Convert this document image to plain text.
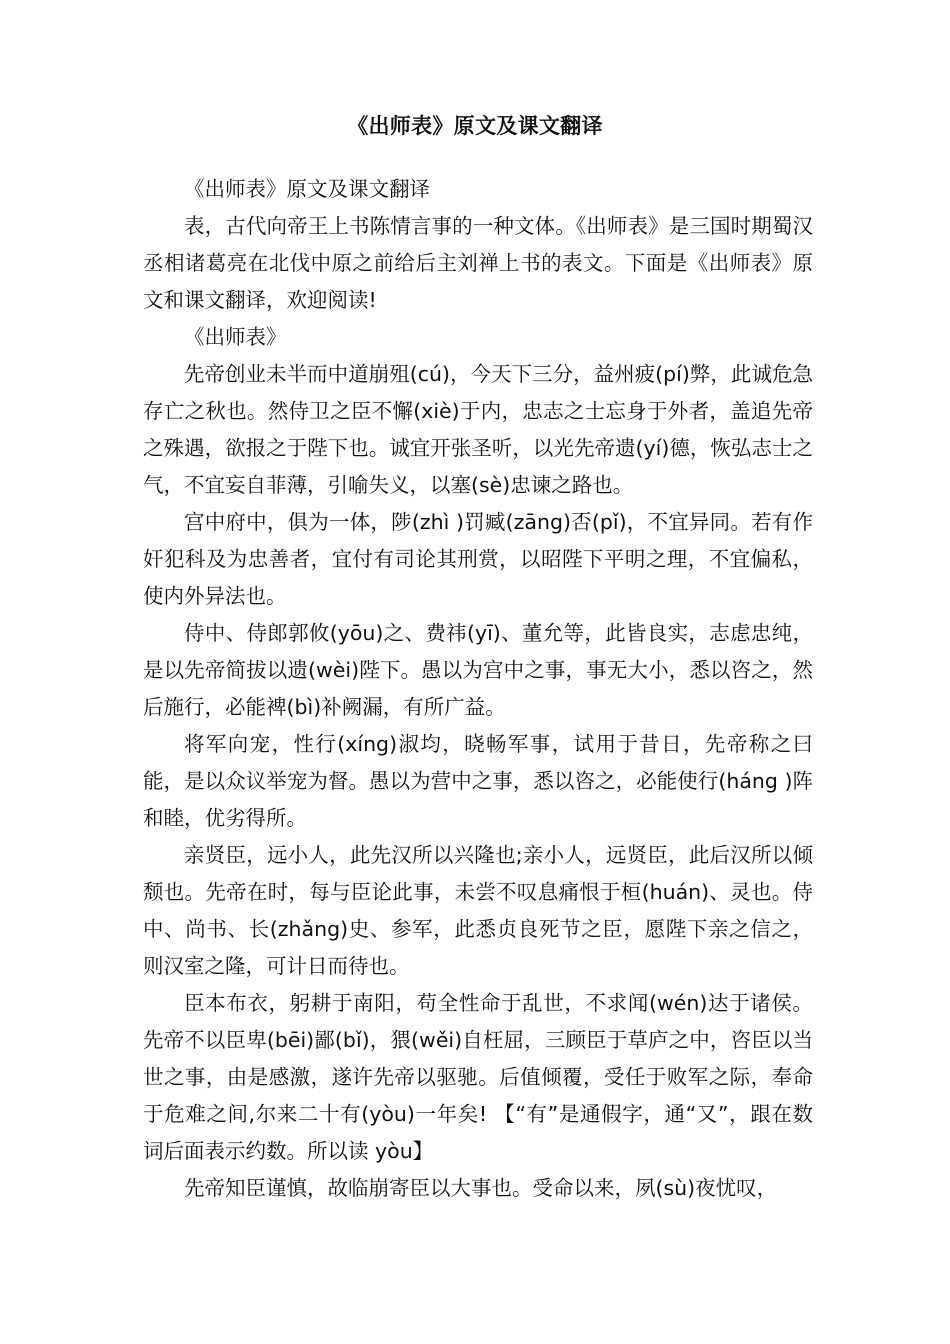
《出师表》原文及课文翻译

《出师表》原文及课文翻译

表，古代向帝王上书陈情言事的一种文体。《出师表》是三国时期蜀汉丞相诸葛亮在北伐中原之前给后主刘禅上书的表文。下面是《出师表》原文和课文翻译，欢迎阅读!

《出师表》

先帝创业未半而中道崩殂(cú)，今天下三分，益州疲(pí)弊，此诚危急存亡之秋也。然侍卫之臣不懈(xiè)于内，忠志之士忘身于外者，盖追先帝之殊遇，欲报之于陛下也。诚宜开张圣听，以光先帝遗(yí)德，恢弘志士之气，不宜妄自菲薄，引喻失义，以塞(sè)忠谏之路也。

宫中府中，俱为一体，陟(zhì )罚臧(zāng)否(pǐ)，不宜异同。若有作奸犯科及为忠善者，宜付有司论其刑赏，以昭陛下平明之理，不宜偏私，使内外异法也。

侍中、侍郎郭攸(yōu)之、费祎(yī)、董允等，此皆良实，志虑忠纯，是以先帝简拔以遗(wèi)陛下。愚以为宫中之事，事无大小，悉以咨之，然后施行，必能裨(bì)补阙漏，有所广益。

将军向宠，性行(xíng)淑均，晓畅军事，试用于昔日，先帝称之曰能，是以众议举宠为督。愚以为营中之事，悉以咨之，必能使行(háng )阵和睦，优劣得所。

亲贤臣，远小人，此先汉所以兴隆也;亲小人，远贤臣，此后汉所以倾颓也。先帝在时，每与臣论此事，未尝不叹息痛恨于桓(huán)、灵也。侍中、尚书、长(zhǎng)史、参军，此悉贞良死节之臣，愿陛下亲之信之，则汉室之隆，可计日而待也。

臣本布衣，躬耕于南阳，苟全性命于乱世，不求闻(wén)达于诸侯。先帝不以臣卑(bēi)鄙(bǐ)，猥(wěi)自枉屈，三顾臣于草庐之中，咨臣以当世之事，由是感激，遂许先帝以驱驰。后值倾覆，受任于败军之际，奉命于危难之间,尔来二十有(yòu)一年矣! 【“有”是通假字，通“又”，跟在数词后面表示约数。所以读 yòu】

先帝知臣谨慎，故临崩寄臣以大事也。受命以来，夙(sù)夜忧叹，
